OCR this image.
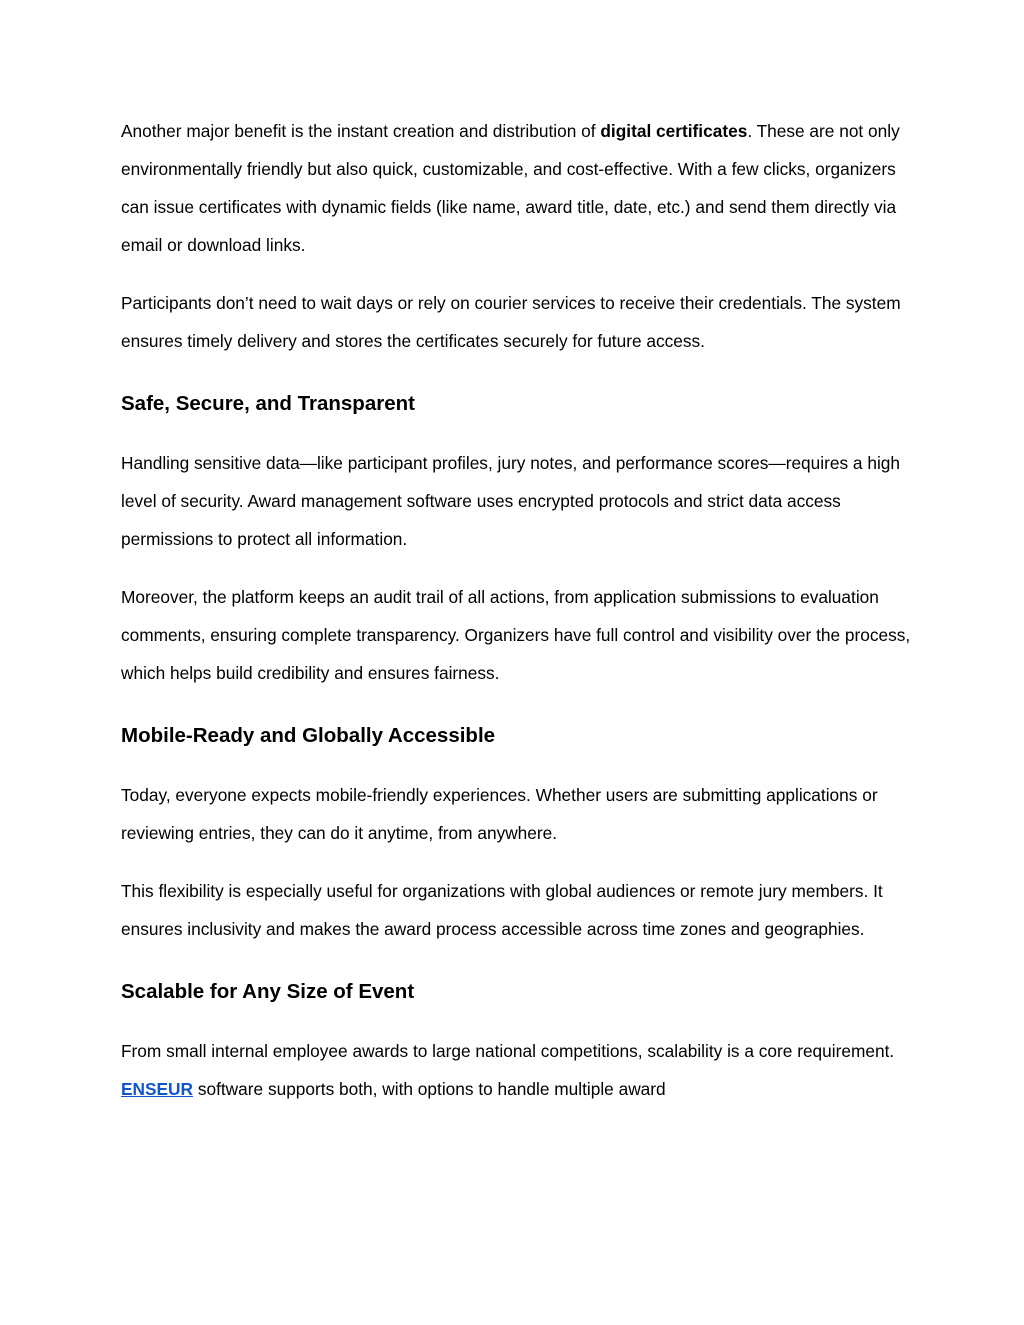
Another major benefit is the instant creation and distribution of digital certificates. These are not only environmentally friendly but also quick, customizable, and cost-effective. With a few clicks, organizers can issue certificates with dynamic fields (like name, award title, date, etc.) and send them directly via email or download links.

Participants don’t need to wait days or rely on courier services to receive their credentials. The system ensures timely delivery and stores the certificates securely for future access.

Safe, Secure, and Transparent

Handling sensitive data—like participant profiles, jury notes, and performance scores—requires a high level of security. Award management software uses encrypted protocols and strict data access permissions to protect all information.

Moreover, the platform keeps an audit trail of all actions, from application submissions to evaluation comments, ensuring complete transparency. Organizers have full control and visibility over the process, which helps build credibility and ensures fairness.

Mobile-Ready and Globally Accessible

Today, everyone expects mobile-friendly experiences. Whether users are submitting applications or reviewing entries, they can do it anytime, from anywhere.

This flexibility is especially useful for organizations with global audiences or remote jury members. It ensures inclusivity and makes the award process accessible across time zones and geographies.

Scalable for Any Size of Event

From small internal employee awards to large national competitions, scalability is a core requirement. ENSEUR software supports both, with options to handle multiple award
